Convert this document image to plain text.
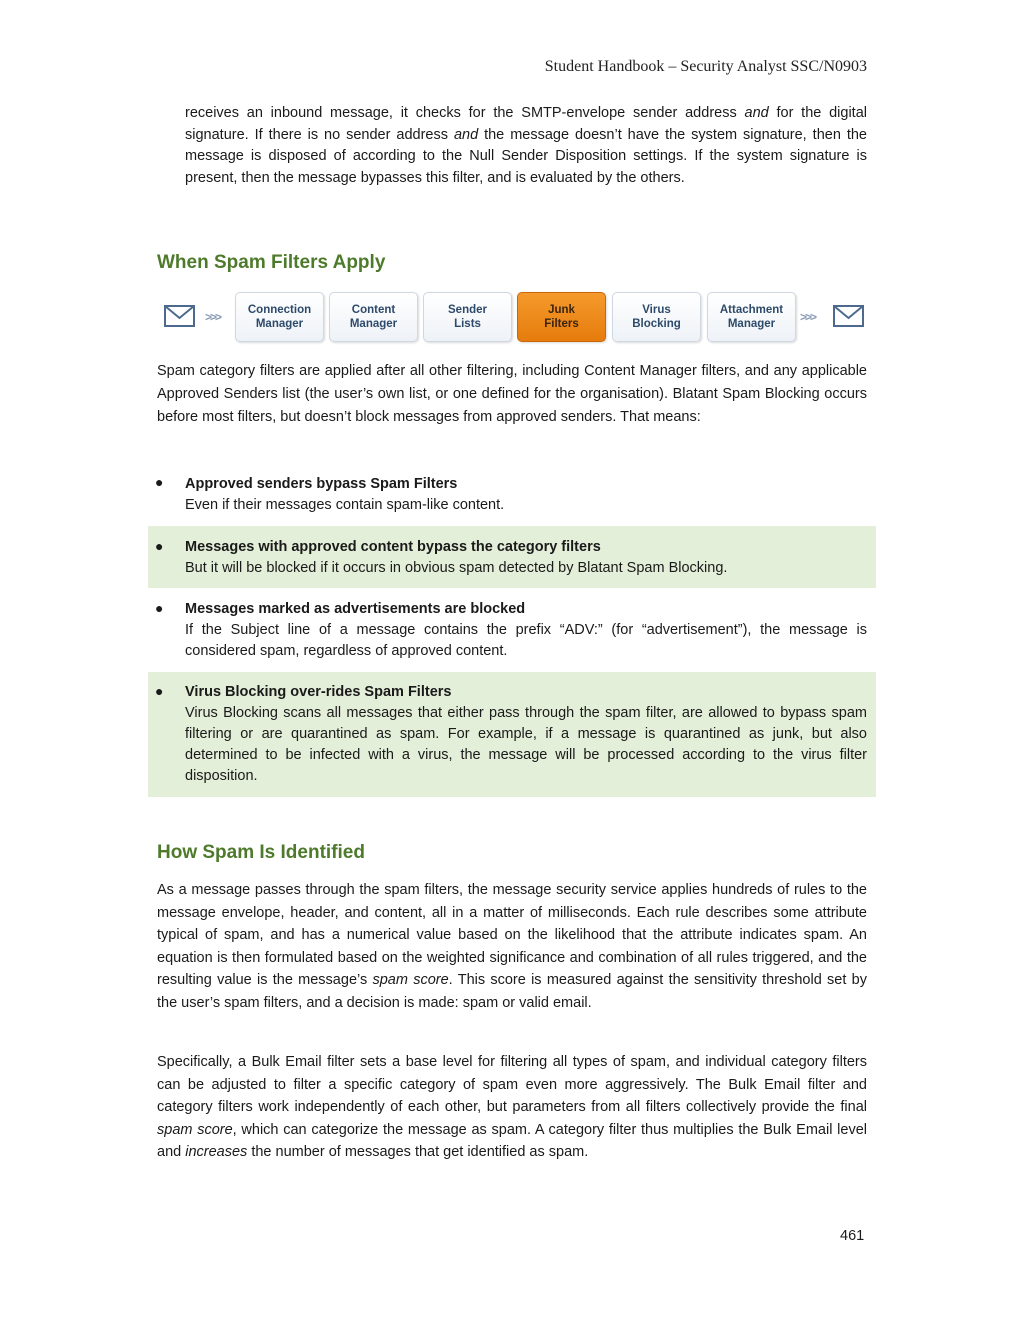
Student Handbook – Security Analyst SSC/N0903

receives an inbound message, it checks for the SMTP-envelope sender address and for the digital signature. If there is no sender address and the message doesn’t have the system signature, then the message is disposed of according to the Null Sender Disposition settings. If the system signature is present, then the message bypasses this filter, and is evaluated by the others.

When Spam Filters Apply
>>>	Connection
Manager
Content
Manager
Sender
Lists
Junk
Filters
Virus
Blocking
Attachment
Manager	>>>

Spam category filters are applied after all other filtering, including Content Manager filters, and any applicable Approved Senders list (the user’s own list, or one defined for the organisation). Blatant Spam Blocking occurs before most filters, but doesn’t block messages from approved senders. That means:

● Approved senders bypass Spam Filters
Even if their messages contain spam-like content.
● Messages with approved content bypass the category filters
But it will be blocked if it occurs in obvious spam detected by Blatant Spam Blocking.
● Messages marked as advertisements are blocked
If the Subject line of a message contains the prefix “ADV:” (for “advertisement”), the message is considered spam, regardless of approved content.
● Virus Blocking over-rides Spam Filters
Virus Blocking scans all messages that either pass through the spam filter, are allowed to bypass spam filtering or are quarantined as spam. For example, if a message is quarantined as junk, but also determined to be infected with a virus, the message will be processed according to the virus filter disposition.
How Spam Is Identified

As a message passes through the spam filters, the message security service applies hundreds of rules to the message envelope, header, and content, all in a matter of milliseconds. Each rule describes some attribute typical of spam, and has a numerical value based on the likelihood that the attribute indicates spam. An equation is then formulated based on the weighted significance and combination of all rules triggered, and the resulting value is the message’s spam score. This score is measured against the sensitivity threshold set by the user’s spam filters, and a decision is made: spam or valid email.

Specifically, a Bulk Email filter sets a base level for filtering all types of spam, and individual category filters can be adjusted to filter a specific category of spam even more aggressively. The Bulk Email filter and category filters work independently of each other, but parameters from all filters collectively provide the final spam score, which can categorize the message as spam. A category filter thus multiplies the Bulk Email level and increases the number of messages that get identified as spam.

461
